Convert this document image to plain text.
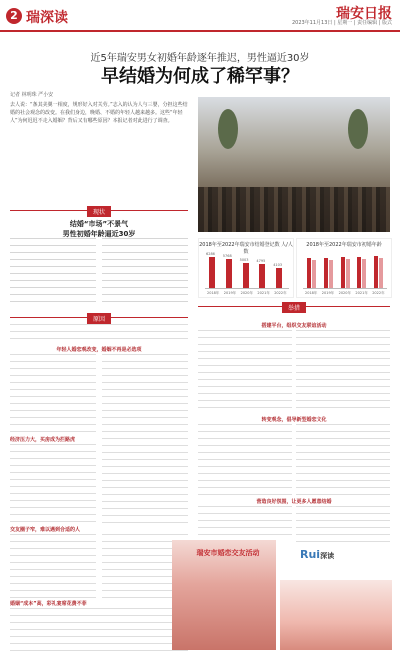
2 瑞深读	瑞安日报
2023年11月13日 | 星期一 | 责任编辑 | 版式
近5年瑞安男女初婚年龄逐年推迟，男性逼近30岁
早结婚为何成了稀罕事？
记者 林明珠 严小安
去人说：“条其美翼一相度，规形好入对关劳。”志入的认为人与三婴，分担这些结婚的社会观念的改变。在我们身边，晚婚、不婚的年轻人越来越多。这些“年轻人”为何迟迟不走入婚姻？背后又有哪些原因？本报记者对此进行了调查。
现状
结婚“市场”不景气
男性初婚年龄逼近30岁
2018年至2022年瑞安市结婚登记数 人/人数
6286
2018年
5768
2019年
5003
2020年
4795
2021年
4103
2022年
2018年至2022年瑞安市初婚年龄
2018年 2019年 2020年 2021年 2022年
举措
原因
年轻人婚恋观改变，婚姻不再是必选项
经济压力大，买房成为拦路虎
交友圈子窄，难以遇到合适的人
婚姻“成本”高，彩礼宴席花费不菲
搭建平台，组织交友联谊活动
转变观念，倡导新型婚恋文化
营造良好氛围，让更多人愿意结婚
瑞安市婚恋交友活动	Rui深读
